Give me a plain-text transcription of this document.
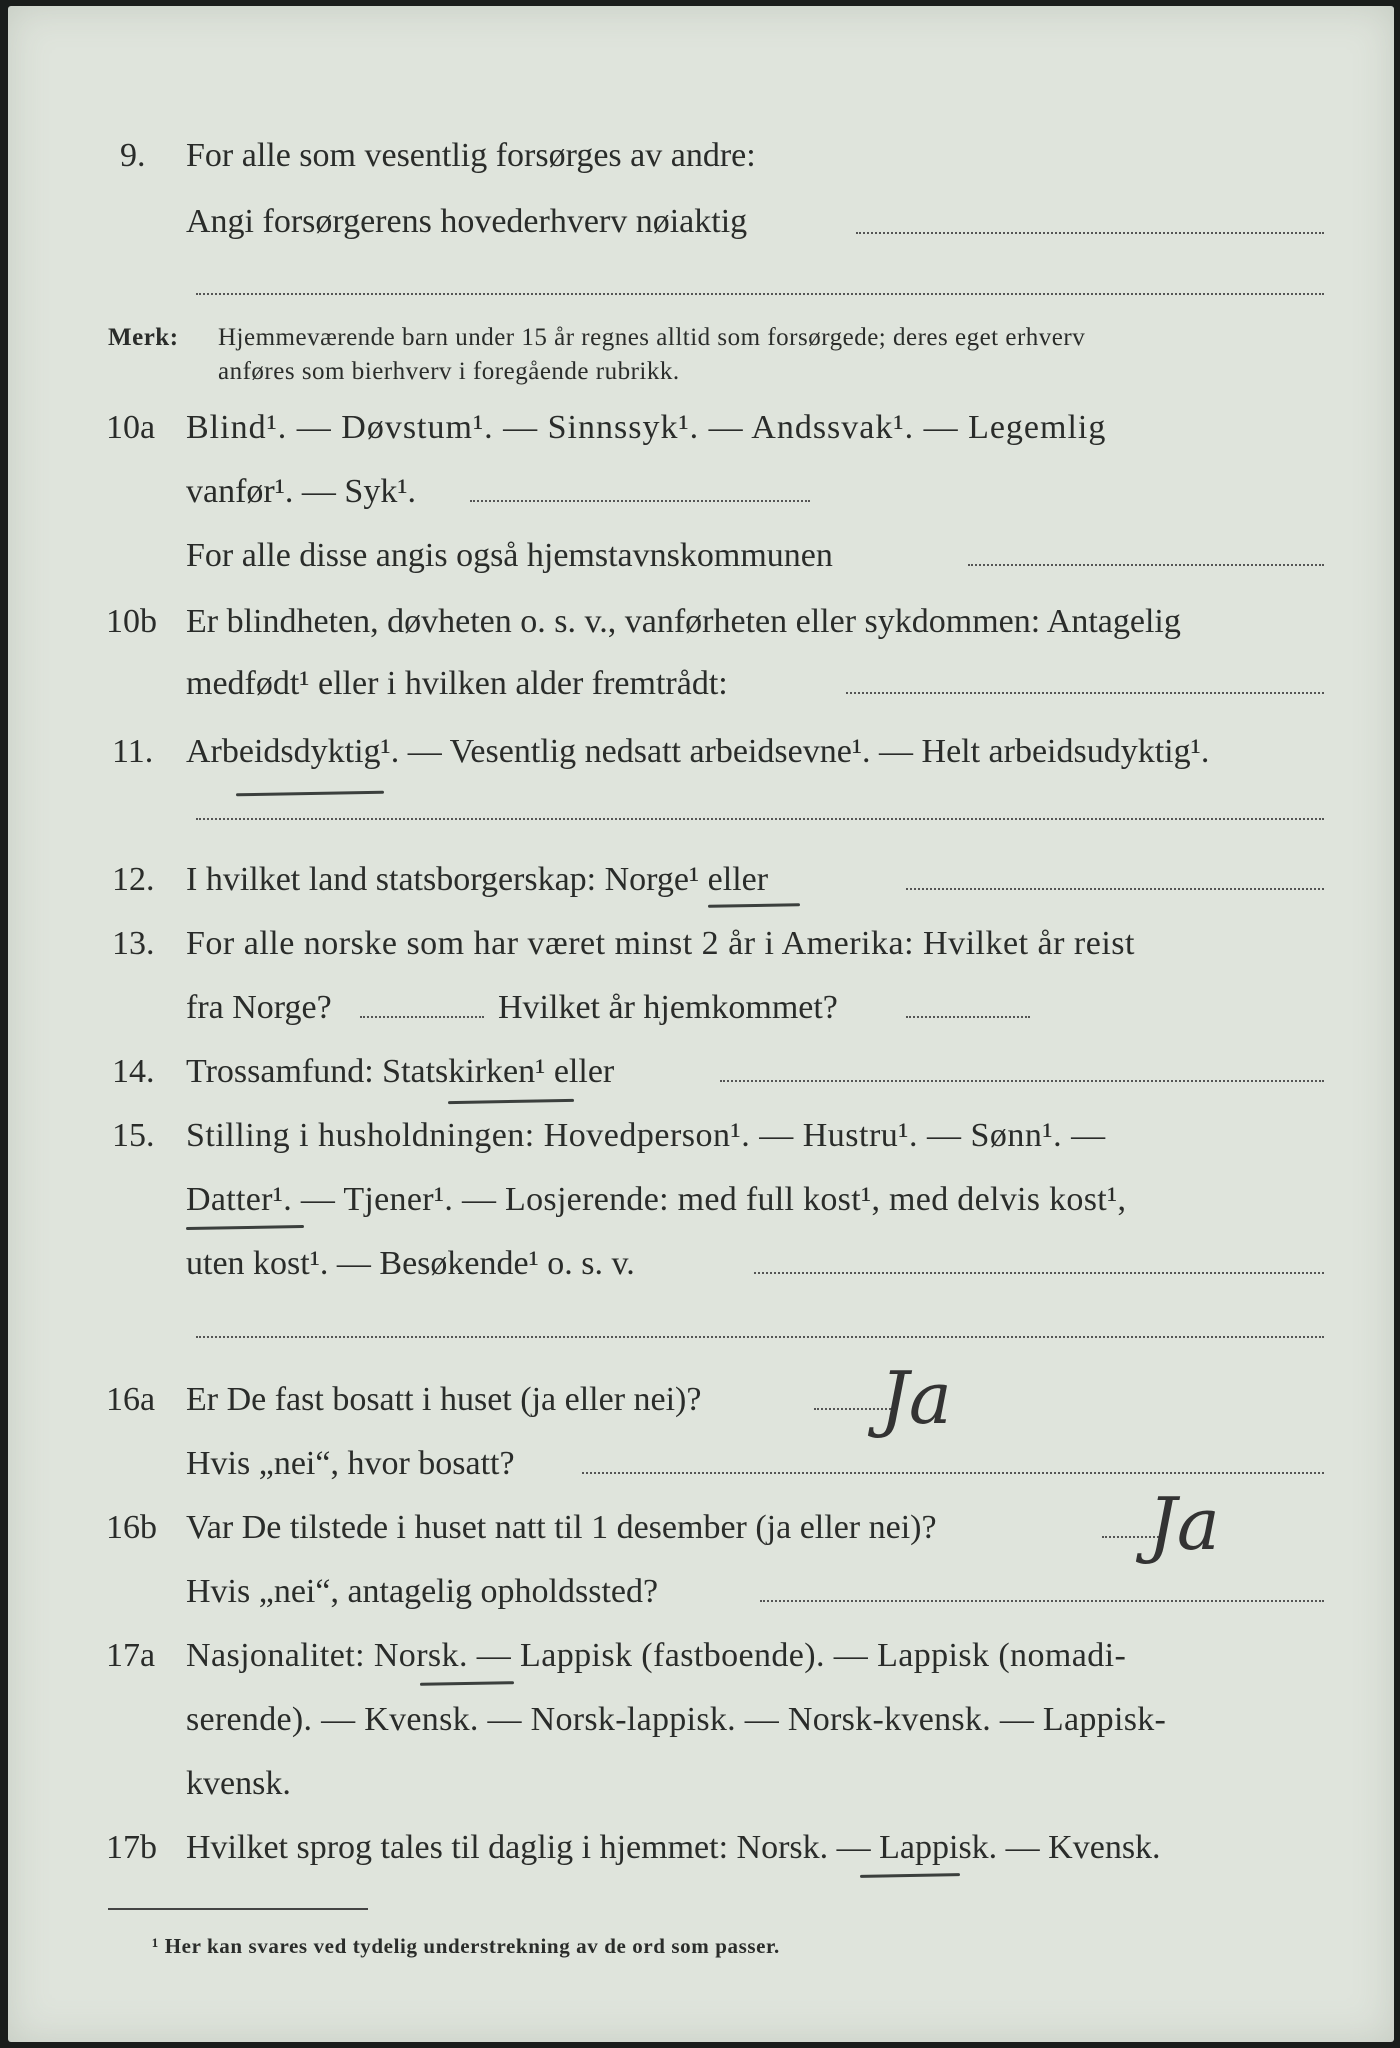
9. For alle som vesentlig forsørges av andre:
Angi forsørgerens hovederhverv nøiaktig
Merk: Hjemmeværende barn under 15 år regnes alltid som forsørgede; deres eget erhverv
anføres som bierhverv i foregående rubrikk.
10a Blind¹. — Døvstum¹. — Sinnssyk¹. — Andssvak¹. — Legemlig
vanfør¹. — Syk¹.
For alle disse angis også hjemstavnskommunen
10b Er blindheten, døvheten o. s. v., vanførheten eller sykdommen: Antagelig
medfødt¹ eller i hvilken alder fremtrådt:
11. Arbeidsdyktig¹. — Vesentlig nedsatt arbeidsevne¹. — Helt arbeidsudyktig¹.
12. I hvilket land statsborgerskap: Norge¹ eller
13. For alle norske som har været minst 2 år i Amerika: Hvilket år reist
fra Norge?	Hvilket år hjemkommet?
14. Trossamfund: Statskirken¹ eller
15. Stilling i husholdningen: Hovedperson¹. — Hustru¹. — Sønn¹. —
Datter¹. — Tjener¹. — Losjerende: med full kost¹, med delvis kost¹,
uten kost¹. — Besøkende¹ o. s. v.
16a Er De fast bosatt i huset (ja eller nei)? Ja
Hvis „nei“, hvor bosatt?
16b Var De tilstede i huset natt til 1 desember (ja eller nei)?	Ja
Hvis „nei“, antagelig opholdssted?
17a Nasjonalitet: Norsk. — Lappisk (fastboende). — Lappisk (nomadi-
serende). — Kvensk. — Norsk-lappisk. — Norsk-kvensk. — Lappisk-
kvensk.
17b Hvilket sprog tales til daglig i hjemmet: Norsk. — Lappisk. — Kvensk.
¹ Her kan svares ved tydelig understrekning av de ord som passer.
